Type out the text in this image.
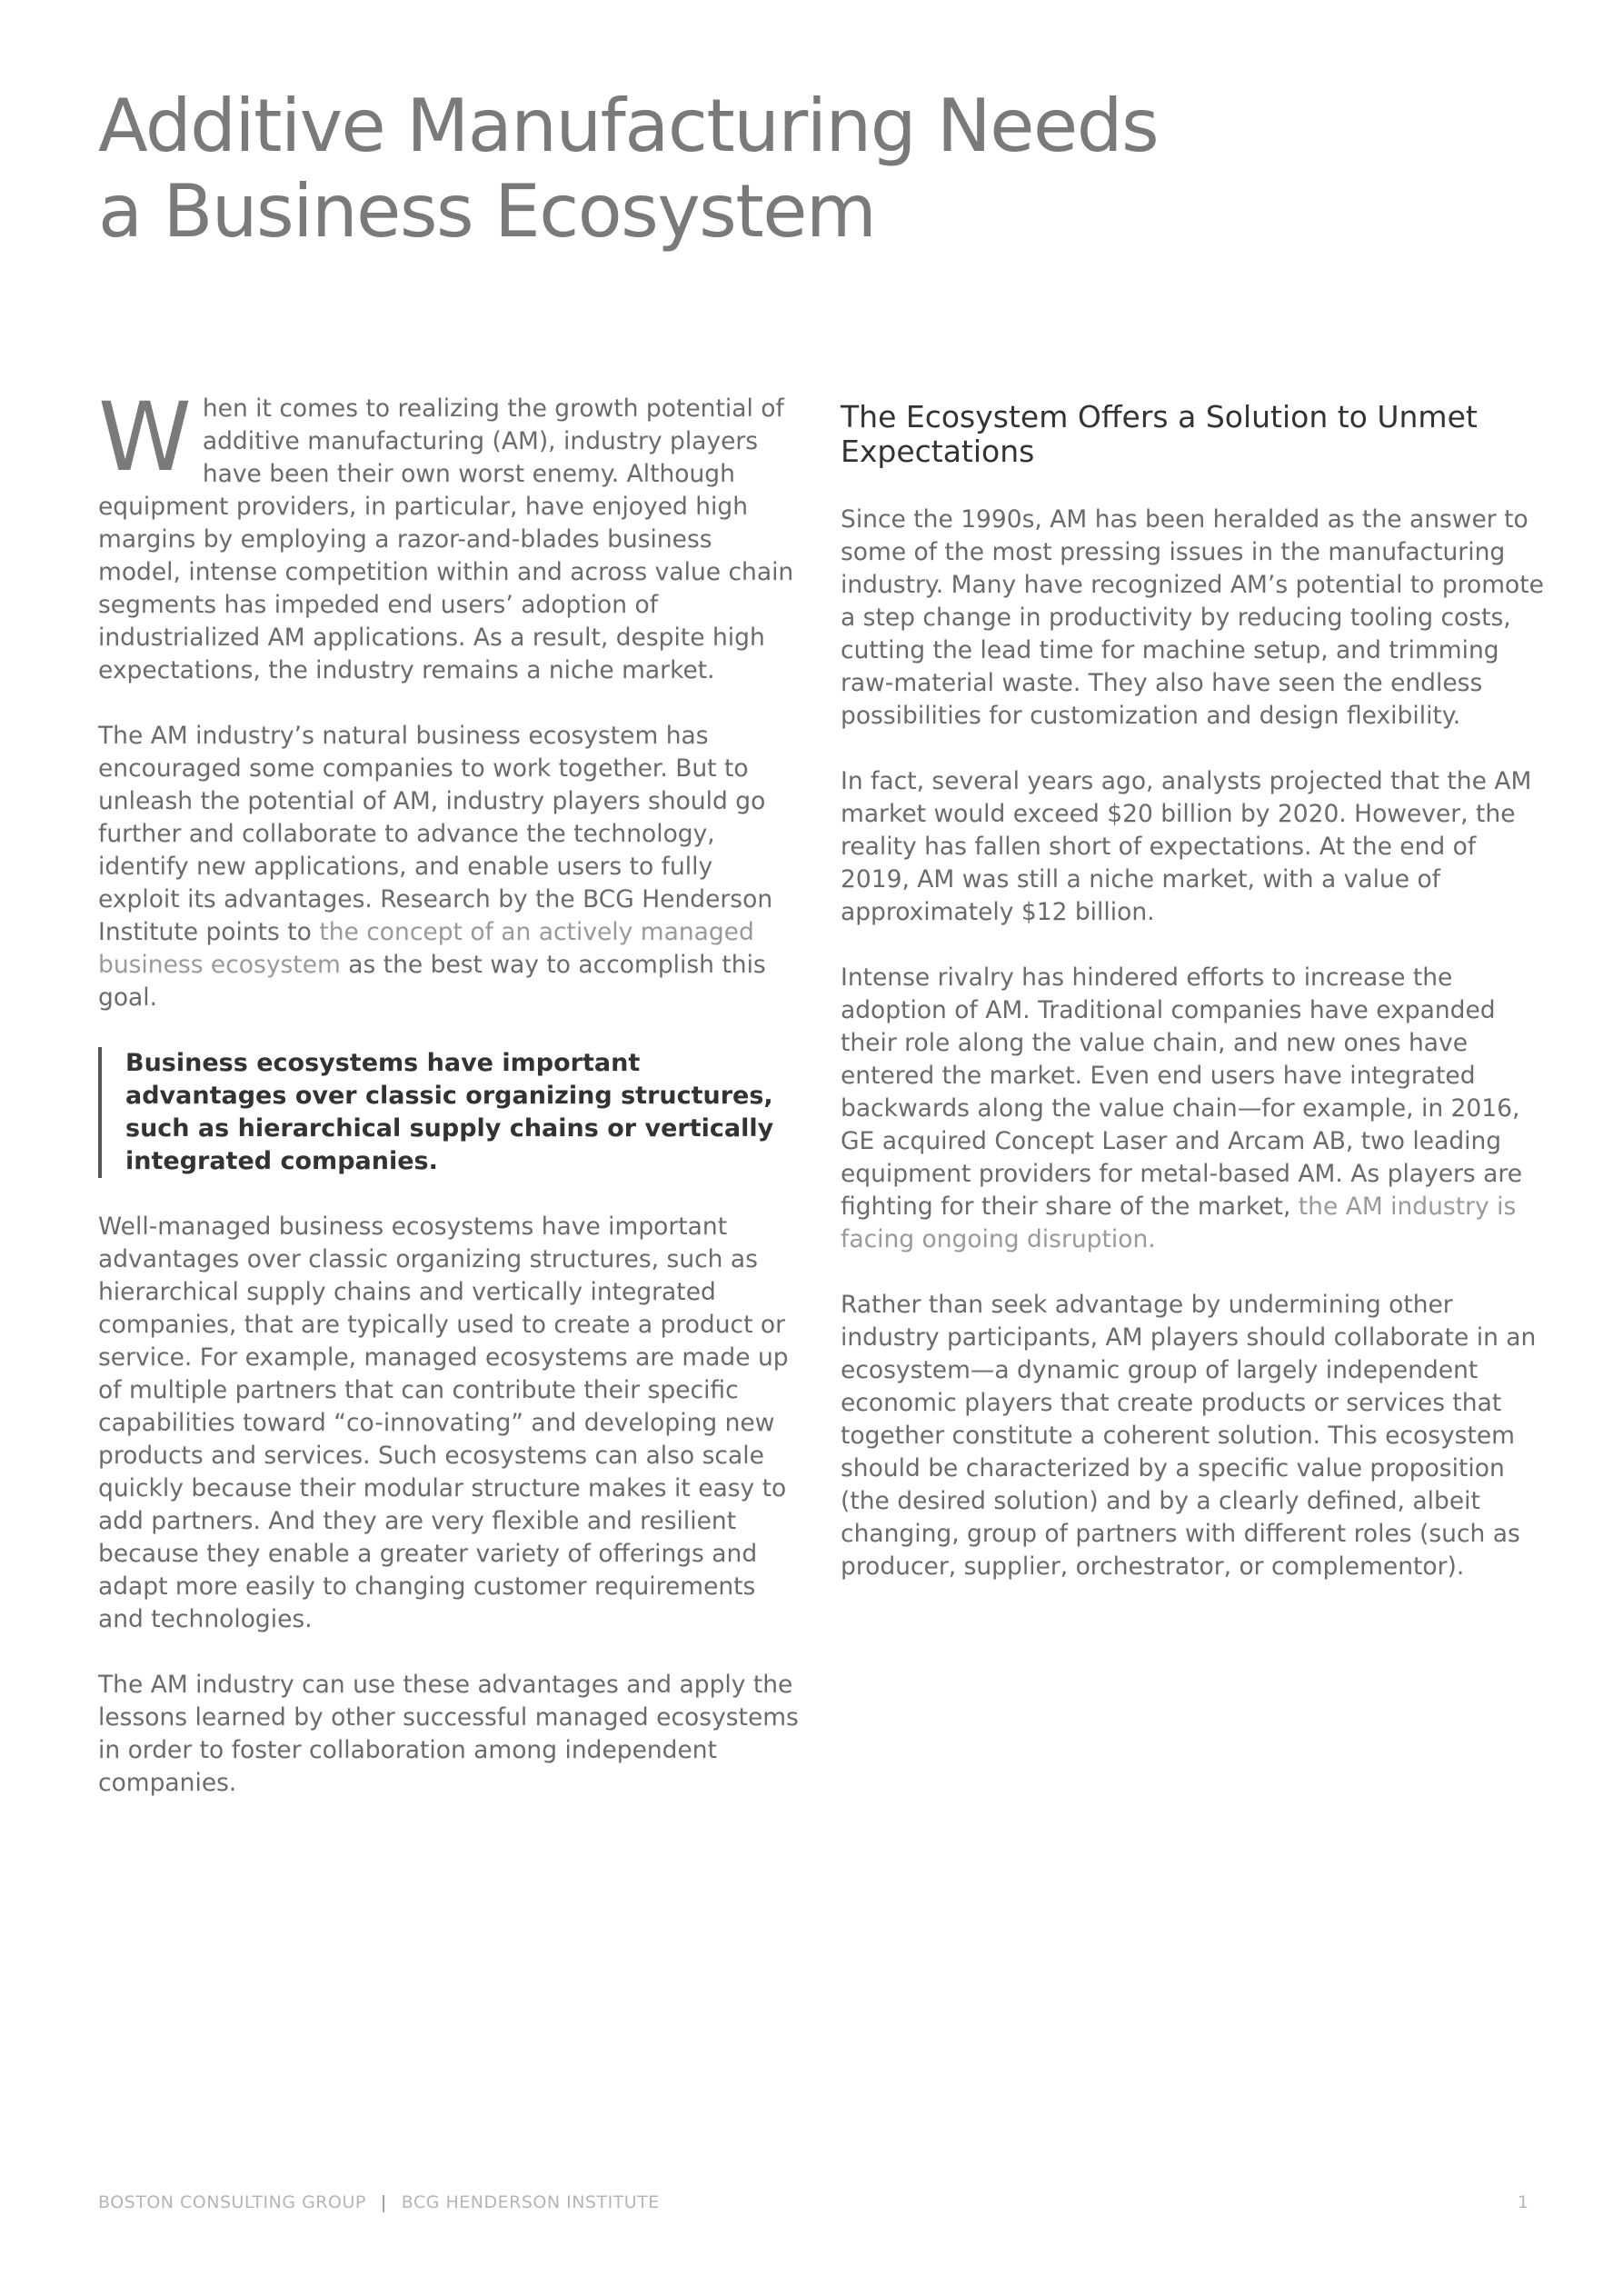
Additive Manufacturing Needs
a Business Ecosystem

When it comes to realizing the growth potential of additive manufacturing (AM), industry players have been their own worst enemy. Although equipment providers, in particular, have enjoyed high margins by employing a razor-and-blades business model, intense competition within and across value chain segments has impeded end users’ adoption of industrialized AM applications. As a result, despite high expectations, the industry remains a niche market.

The AM industry’s natural business ecosystem has encouraged some companies to work together. But to unleash the potential of AM, industry players should go further and collaborate to advance the technology, identify new applications, and enable users to fully exploit its advantages. Research by the BCG Henderson Institute points to the concept of an actively managed business ecosystem as the best way to accomplish this goal.

Business ecosystems have important advantages over classic organizing structures, such as hierarchical supply chains or vertically integrated companies.

Well-managed business ecosystems have important advantages over classic organizing structures, such as hierarchical supply chains and vertically integrated companies, that are typically used to create a product or service. For example, managed ecosystems are made up of multiple partners that can contribute their specific capabilities toward “co-innovating” and developing new products and services. Such ecosystems can also scale quickly because their modular structure makes it easy to add partners. And they are very flexible and resilient because they enable a greater variety of offerings and adapt more easily to changing customer requirements and technologies.

The AM industry can use these advantages and apply the lessons learned by other successful managed ecosystems in order to foster collaboration among independent companies.

The Ecosystem Offers a Solution to Unmet Expectations

Since the 1990s, AM has been heralded as the answer to some of the most pressing issues in the manufacturing industry. Many have recognized AM’s potential to promote a step change in productivity by reducing tooling costs, cutting the lead time for machine setup, and trimming raw-material waste. They also have seen the endless possibilities for customization and design flexibility.

In fact, several years ago, analysts projected that the AM market would exceed $20 billion by 2020. However, the reality has fallen short of expectations. At the end of 2019, AM was still a niche market, with a value of approximately $12 billion.

Intense rivalry has hindered efforts to increase the adoption of AM. Traditional companies have expanded their role along the value chain, and new ones have entered the market. Even end users have integrated backwards along the value chain—for example, in 2016, GE acquired Concept Laser and Arcam AB, two leading equipment providers for metal-based AM. As players are fighting for their share of the market, the AM industry is facing ongoing disruption.

Rather than seek advantage by undermining other industry participants, AM players should collaborate in an ecosystem—a dynamic group of largely independent economic players that create products or services that together constitute a coherent solution. This ecosystem should be characterized by a specific value proposition (the desired solution) and by a clearly defined, albeit changing, group of partners with different roles (such as producer, supplier, orchestrator, or complementor).

BOSTON CONSULTING GROUP | BCG HENDERSON INSTITUTE	1
